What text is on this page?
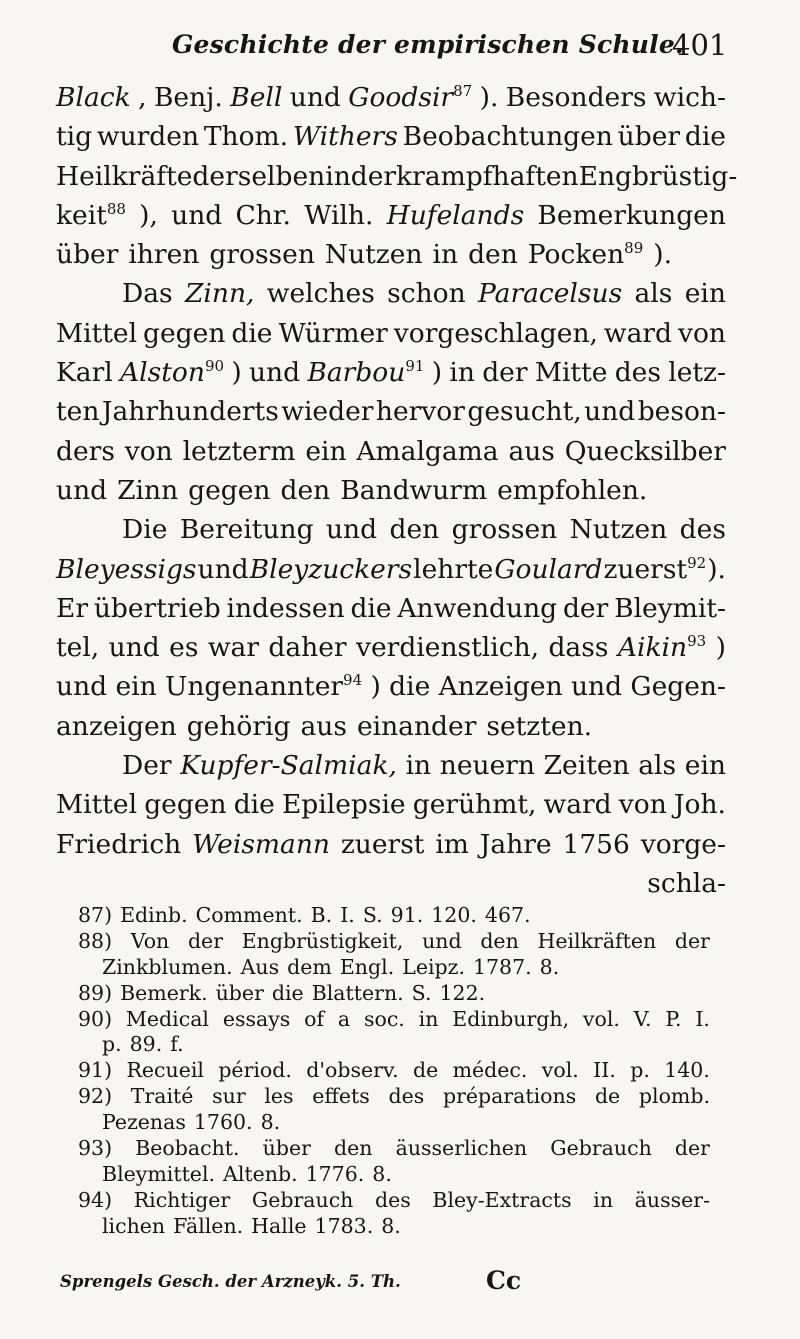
Geschichte der empirischen Schule.
401
Black , Benj. Bell und Goodsir$^{87}$ ). Besonders wich-
tig wurden Thom. Withers Beobachtungen über die
Heilkräfte derselben in der krampfhaften Engbrüstig-
keit$^{88}$ ), und Chr. Wilh. Hufelands Bemerkungen
über ihren grossen Nutzen in den Pocken$^{89}$ ).
Das Zinn, welches schon Paracelsus als ein
Mittel gegen die Würmer vorgeschlagen, ward von
Karl Alston$^{90}$ ) und Barbou$^{91}$ ) in der Mitte des letz-
ten Jahrhunderts wieder hervor gesucht, und beson-
ders von letzterm ein Amalgama aus Quecksilber
und Zinn gegen den Bandwurm empfohlen.
Die Bereitung und den grossen Nutzen des
Bleyessigs und Bleyzuckers lehrte Goulard zuerst$^{92}$ ).
Er übertrieb indessen die Anwendung der Bleymit-
tel, und es war daher verdienstlich, dass Aikin$^{93}$ )
und ein Ungenannter$^{94}$ ) die Anzeigen und Gegen-
anzeigen gehörig aus einander setzten.
Der Kupfer-Salmiak, in neuern Zeiten als ein
Mittel gegen die Epilepsie gerühmt, ward von Joh.
Friedrich Weismann zuerst im Jahre 1756 vorge-
schla-
87) Edinb. Comment. B. I. S. 91. 120. 467.
88) Von der Engbrüstigkeit, und den Heilkräften der
Zinkblumen. Aus dem Engl. Leipz. 1787. 8.
89) Bemerk. über die Blattern. S. 122.
90) Medical essays of a soc. in Edinburgh, vol. V. P. I.
p. 89. f.
91) Recueil périod. d'observ. de médec. vol. II. p. 140.
92) Traité sur les effets des préparations de plomb.
Pezenas 1760. 8.
93) Beobacht. über den äusserlichen Gebrauch der
Bleymittel. Altenb. 1776. 8.
94) Richtiger Gebrauch des Bley-Extracts in äusser-
lichen Fällen. Halle 1783. 8.
Sprengels Gesch. der Arzneyk. 5. Th.	Cc
